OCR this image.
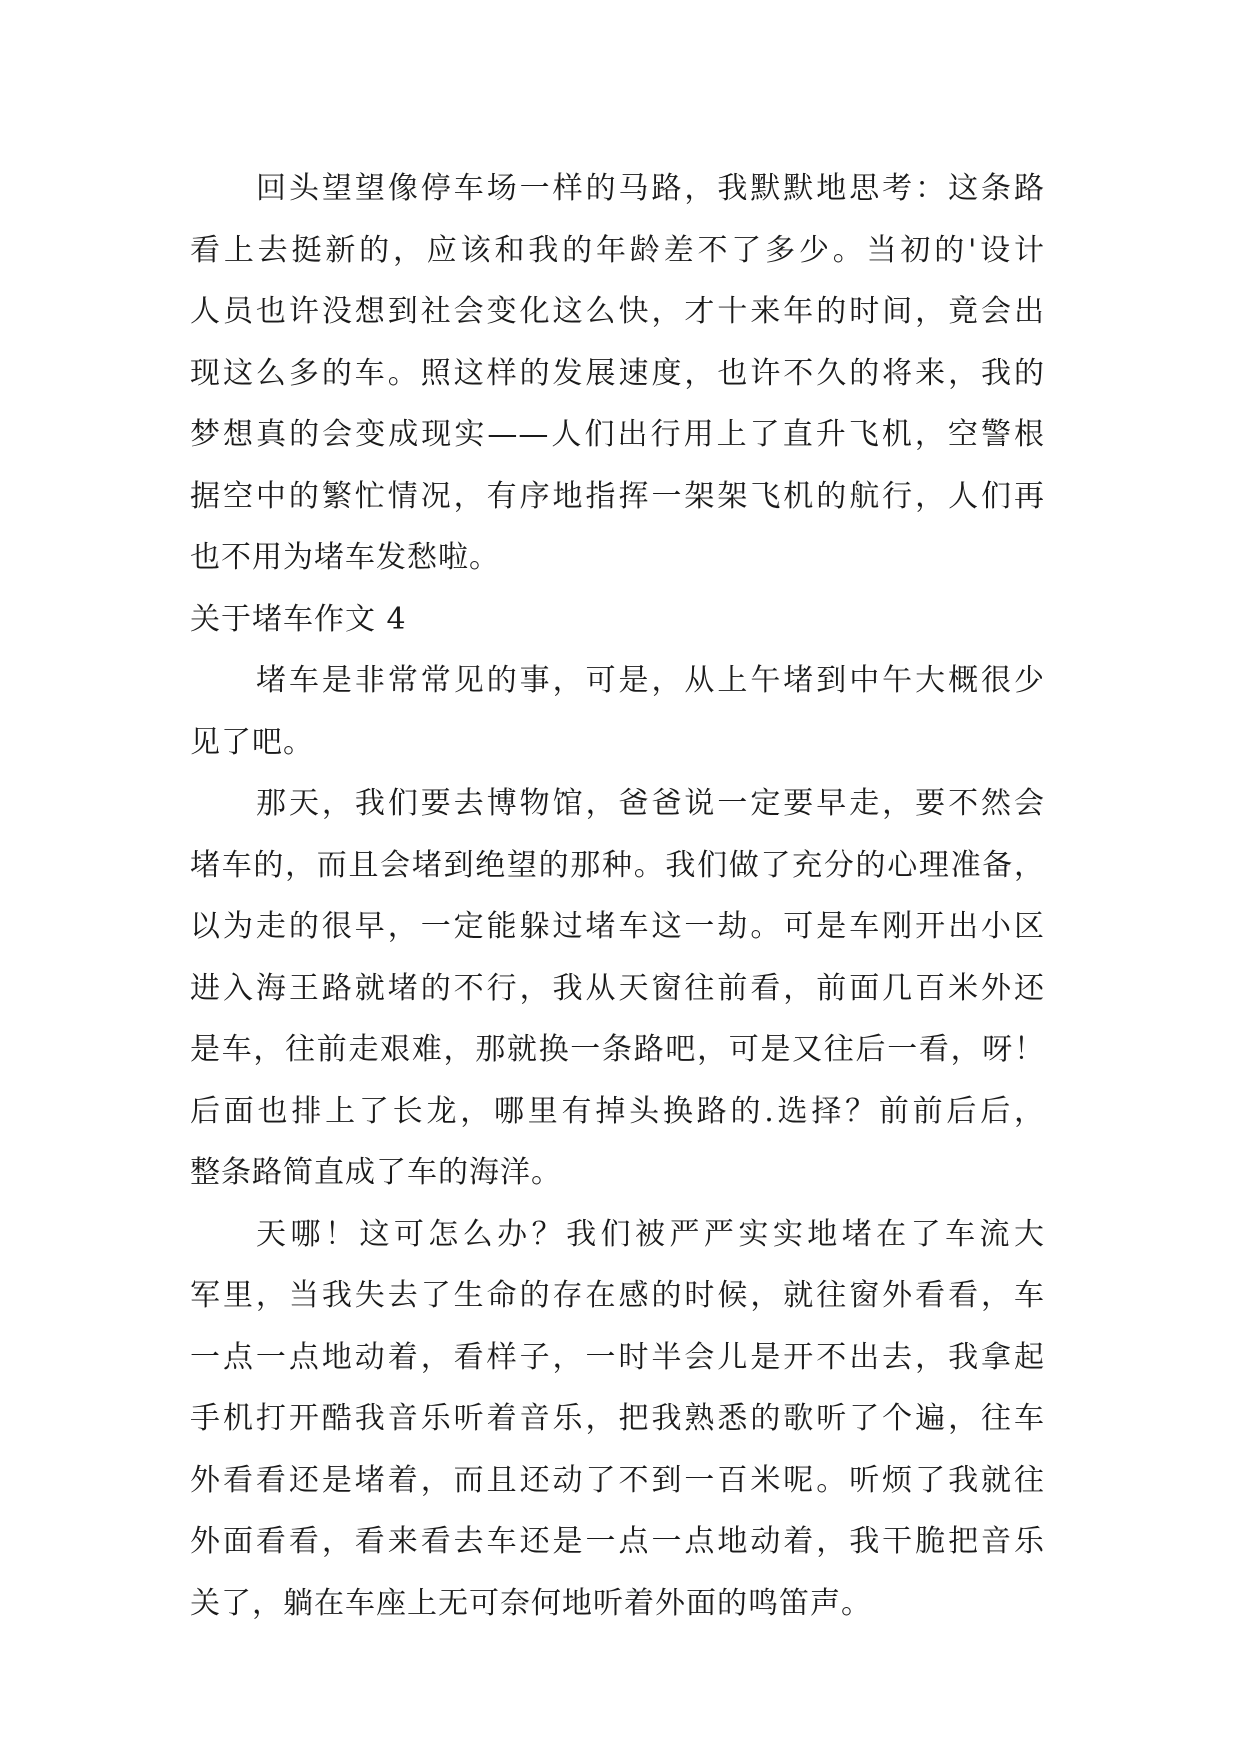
回头望望像停车场一样的马路，我默默地思考：这条路
看上去挺新的，应该和我的年龄差不了多少。当初的'设计
人员也许没想到社会变化这么快，才十来年的时间，竟会出
现这么多的车。照这样的发展速度，也许不久的将来，我的
梦想真的会变成现实——人们出行用上了直升飞机，空警根
据空中的繁忙情况，有序地指挥一架架飞机的航行，人们再
也不用为堵车发愁啦。
关于堵车作文 4
堵车是非常常见的事，可是，从上午堵到中午大概很少
见了吧。
那天，我们要去博物馆，爸爸说一定要早走，要不然会
堵车的，而且会堵到绝望的那种。我们做了充分的心理准备，
以为走的很早，一定能躲过堵车这一劫。可是车刚开出小区
进入海王路就堵的不行，我从天窗往前看，前面几百米外还
是车，往前走艰难，那就换一条路吧，可是又往后一看，呀！
后面也排上了长龙，哪里有掉头换路的.选择？前前后后，
整条路简直成了车的海洋。
天哪！这可怎么办？我们被严严实实地堵在了车流大
军里，当我失去了生命的存在感的时候，就往窗外看看，车
一点一点地动着，看样子，一时半会儿是开不出去，我拿起
手机打开酷我音乐听着音乐，把我熟悉的歌听了个遍，往车
外看看还是堵着，而且还动了不到一百米呢。听烦了我就往
外面看看，看来看去车还是一点一点地动着，我干脆把音乐
关了，躺在车座上无可奈何地听着外面的鸣笛声。
